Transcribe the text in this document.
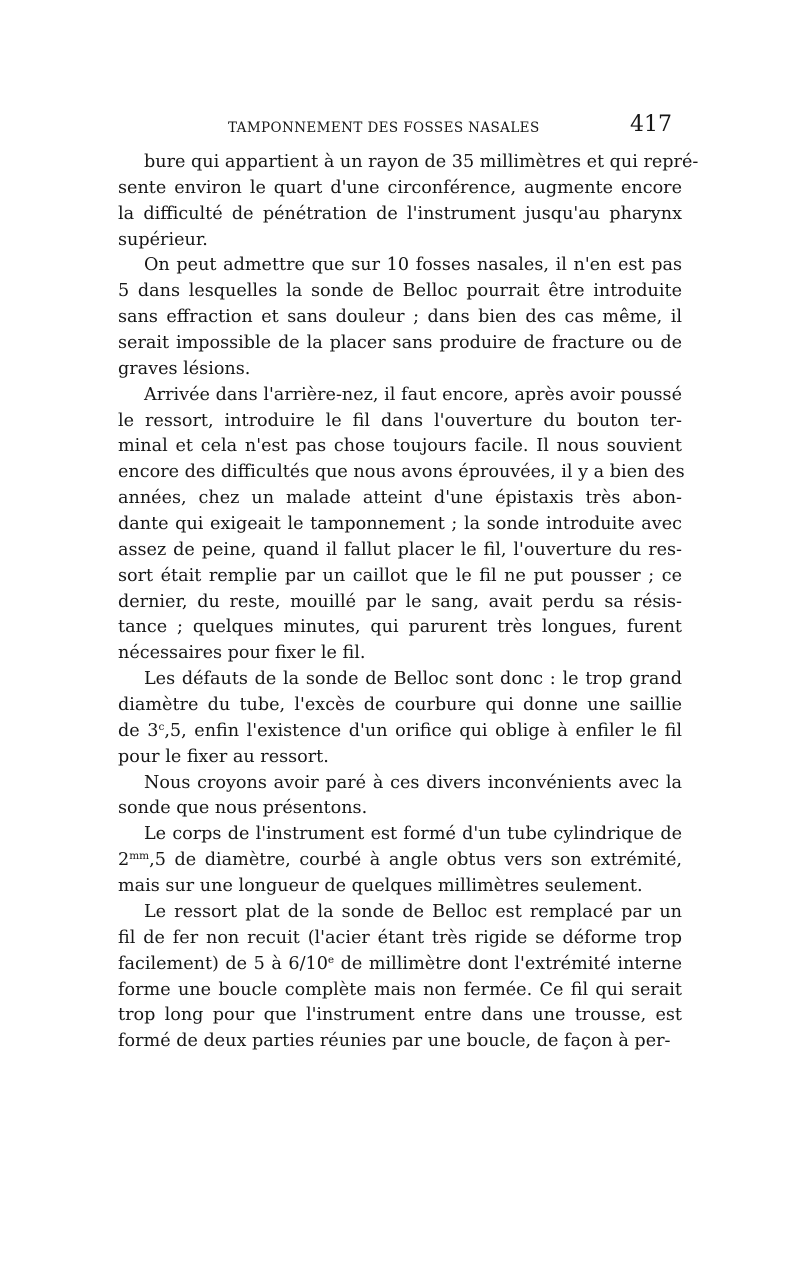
TAMPONNEMENT DES FOSSES NASALES	417
bure qui appartient à un rayon de 35 millimètres et qui repré-
sente environ le quart d'une circonférence, augmente encore
la difficulté de pénétration de l'instrument jusqu'au pharynx
supérieur.
On peut admettre que sur 10 fosses nasales, il n'en est pas
5 dans lesquelles la sonde de Belloc pourrait être introduite
sans effraction et sans douleur ; dans bien des cas même, il
serait impossible de la placer sans produire de fracture ou de
graves lésions.
Arrivée dans l'arrière-nez, il faut encore, après avoir poussé
le ressort, introduire le fil dans l'ouverture du bouton ter-
minal et cela n'est pas chose toujours facile. Il nous souvient
encore des difficultés que nous avons éprouvées, il y a bien des
années, chez un malade atteint d'une épistaxis très abon-
dante qui exigeait le tamponnement ; la sonde introduite avec
assez de peine, quand il fallut placer le fil, l'ouverture du res-
sort était remplie par un caillot que le fil ne put pousser ; ce
dernier, du reste, mouillé par le sang, avait perdu sa résis-
tance ; quelques minutes, qui parurent très longues, furent
nécessaires pour fixer le fil.
Les défauts de la sonde de Belloc sont donc : le trop grand
diamètre du tube, l'excès de courbure qui donne une saillie
de 3$^c$,5, enfin l'existence d'un orifice qui oblige à enfiler le fil
pour le fixer au ressort.
Nous croyons avoir paré à ces divers inconvénients avec la
sonde que nous présentons.
Le corps de l'instrument est formé d'un tube cylindrique de
$2^{mm},5$ de diamètre, courbé à angle obtus vers son extrémité,
mais sur une longueur de quelques millimètres seulement.
Le ressort plat de la sonde de Belloc est remplacé par un
fil de fer non recuit (l'acier étant très rigide se déforme trop
facilement) de 5 à 6/10e de millimètre dont l'extrémité interne
forme une boucle complète mais non fermée. Ce fil qui serait
trop long pour que l'instrument entre dans une trousse, est
formé de deux parties réunies par une boucle, de façon à per-
